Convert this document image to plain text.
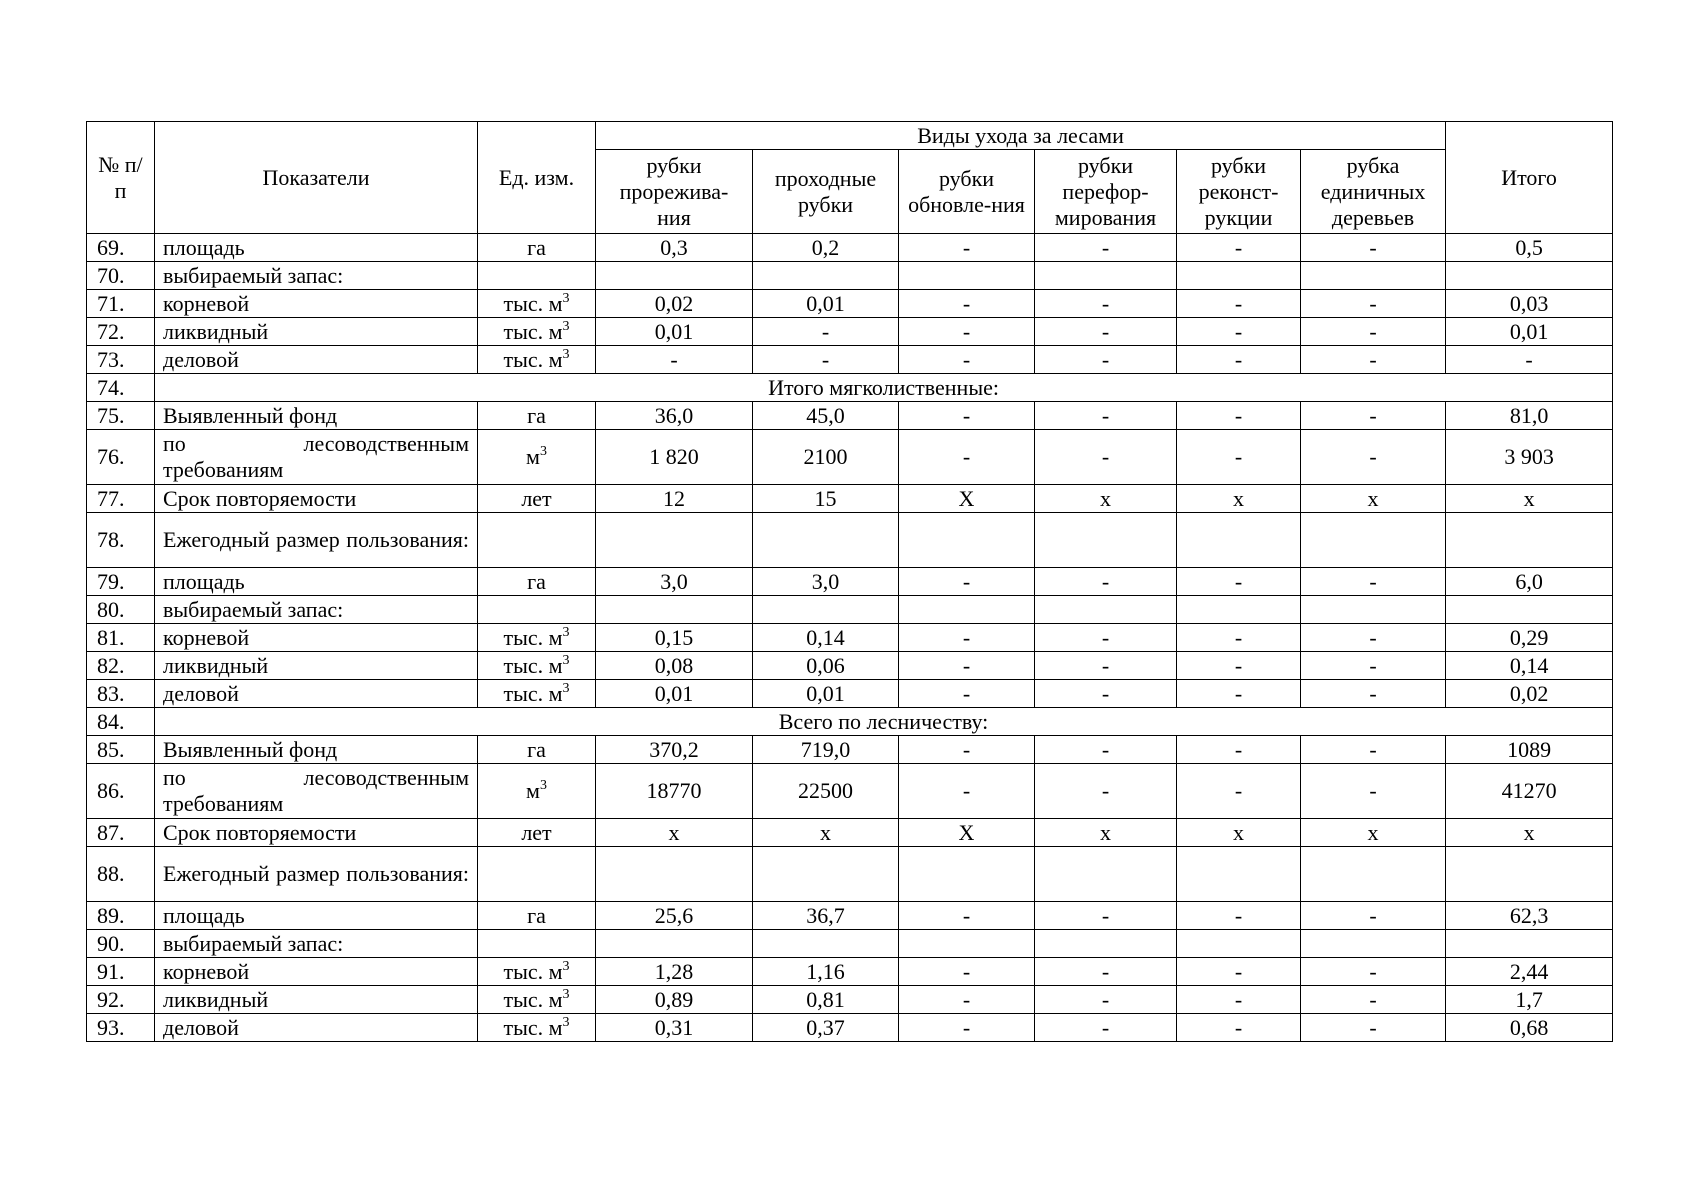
№ п/п	Показатели	Ед. изм.	Виды ухода за лесами						Итого
			рубки прорежива-ния	проходные рубки	рубки обновле-ния	рубки перефор-мирования	рубки реконст-рукции	рубка единичных деревьев	
69.	площадь	га	0,3	0,2	-	-	-	-	0,5
70.	выбираемый запас:								
71.	корневой	тыс. $м^3$	0,02	0,01	-	-	-	-	0,03
72.	ликвидный	тыс. $м^3$	0,01	-	-	-	-	-	0,01
73.	деловой	тыс. $м^3$	-	-	-	-	-	-	-
74.	Итого мягколиственные:								
75.	Выявленный фонд	га	36,0	45,0	-	-	-	-	81,0
76.	по лесоводственным требованиям	$м^3$	1 820	2100	-	-	-	-	3 903
77.	Срок повторяемости	лет	12	15	X	x	x	x	x
78.	Ежегодный размер пользования:								
79.	площадь	га	3,0	3,0	-	-	-	-	6,0
80.	выбираемый запас:								
81.	корневой	тыс. $м^3$	0,15	0,14	-	-	-	-	0,29
82.	ликвидный	тыс. $м^3$	0,08	0,06	-	-	-	-	0,14
83.	деловой	тыс. $м^3$	0,01	0,01	-	-	-	-	0,02
84.	Всего по лесничеству:								
85.	Выявленный фонд	га	370,2	719,0	-	-	-	-	1089
86.	по лесоводственным требованиям	$м^3$	18770	22500	-	-	-	-	41270
87.	Срок повторяемости	лет	x	x	X	x	x	x	x
88.	Ежегодный размер пользования:								
89.	площадь	га	25,6	36,7	-	-	-	-	62,3
90.	выбираемый запас:								
91.	корневой	тыс. $м^3$	1,28	1,16	-	-	-	-	2,44
92.	ликвидный	тыс. $м^3$	0,89	0,81	-	-	-	-	1,7
93.	деловой	тыс. $м^3$	0,31	0,37	-	-	-	-	0,68
